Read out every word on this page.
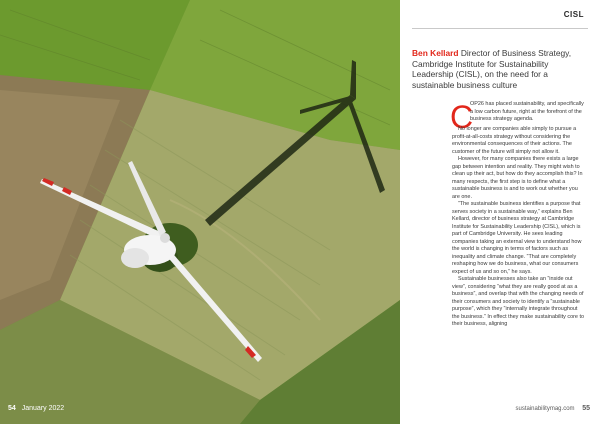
54 January 2022
CISL
Ben Kellard Director of Business Strategy, Cambridge Institute for Sustainability Leadership (CISL), on the need for a sustainable business culture
C
OP26 has placed sustainability, and specifically a low carbon future, right at the forefront of the business strategy agenda.

No longer are companies able simply to pursue a profit-at-all-costs strategy without considering the environmental consequences of their actions. The customer of the future will simply not allow it.

However, for many companies there exists a large gap between intention and reality. They might wish to clean up their act, but how do they accomplish this? In many respects, the first step is to define what a sustainable business is and to work out whether you are one.

“The sustainable business identifies a purpose that serves society in a sustainable way,” explains Ben Kellard, director of business strategy at Cambridge Institute for Sustainability Leadership (CISL), which is part of Cambridge University. He sees leading companies taking an external view to understand how the world is changing in terms of factors such as inequality and climate change. “That are completely reshaping how we do business, what our consumers expect of us and so on,” he says.

Sustainable businesses also take an “inside out view”, considering “what they are really good at as a business”, and overlap that with the changing needs of their consumers and society to identify a “sustainable purpose”, which they “internally integrate throughout the business.” In effect they make sustainability core to their business, aligning

sustainabilitymag.com 55
